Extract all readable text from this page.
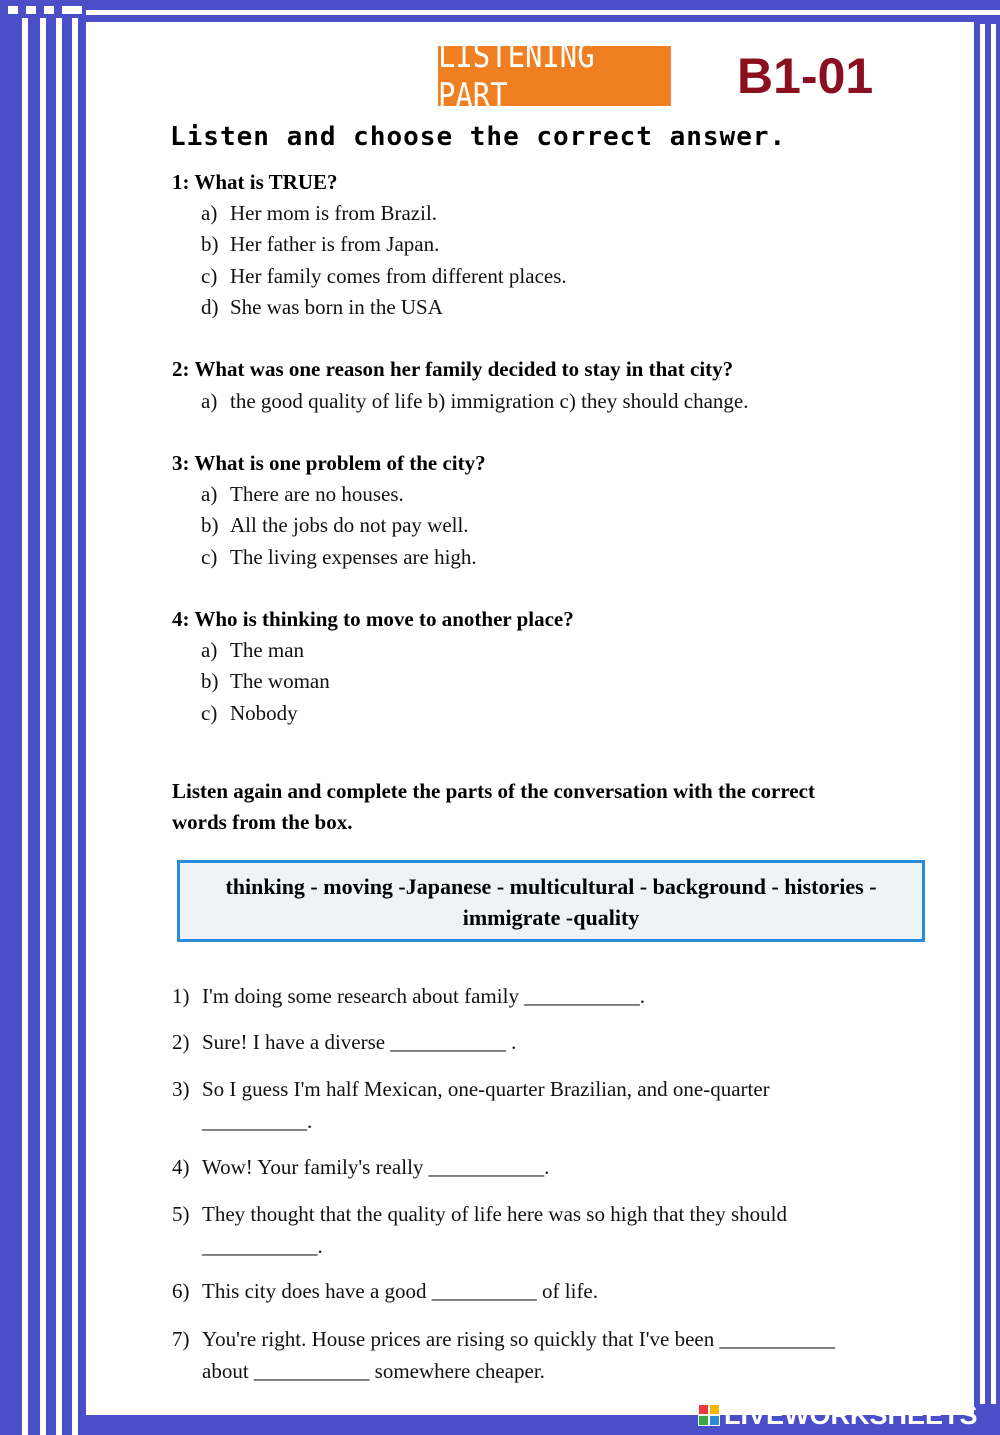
LISTENING PART	B1-01
Listen and choose the correct answer.
1: What is TRUE?
a) Her mom is from Brazil.
b) Her father is from Japan.
c) Her family comes from different places.
d) She was born in the USA
2: What was one reason her family decided to stay in that city?
a) the good quality of life b) immigration c) they should change.
3: What is one problem of the city?
a) There are no houses.
b) All the jobs do not pay well.
c) The living expenses are high.
4: Who is thinking to move to another place?
a) The man
b) The woman
c) Nobody
Listen again and complete the parts of the conversation with the correct words from the box.
thinking - moving -Japanese - multicultural - background - histories - immigrate -quality
1)I'm doing some research about family ___________.
2) Sure! I have a diverse ___________ .
3) So I guess I'm half Mexican, one-quarter Brazilian, and one-quarter __________.
4) Wow! Your family's really ___________.
5) They thought that the quality of life here was so high that they should ___________.
6) This city does have a good __________ of life.
7) You're right. House prices are rising so quickly that I've been ___________ about ___________ somewhere cheaper.
LIVEWORKSHEETS
